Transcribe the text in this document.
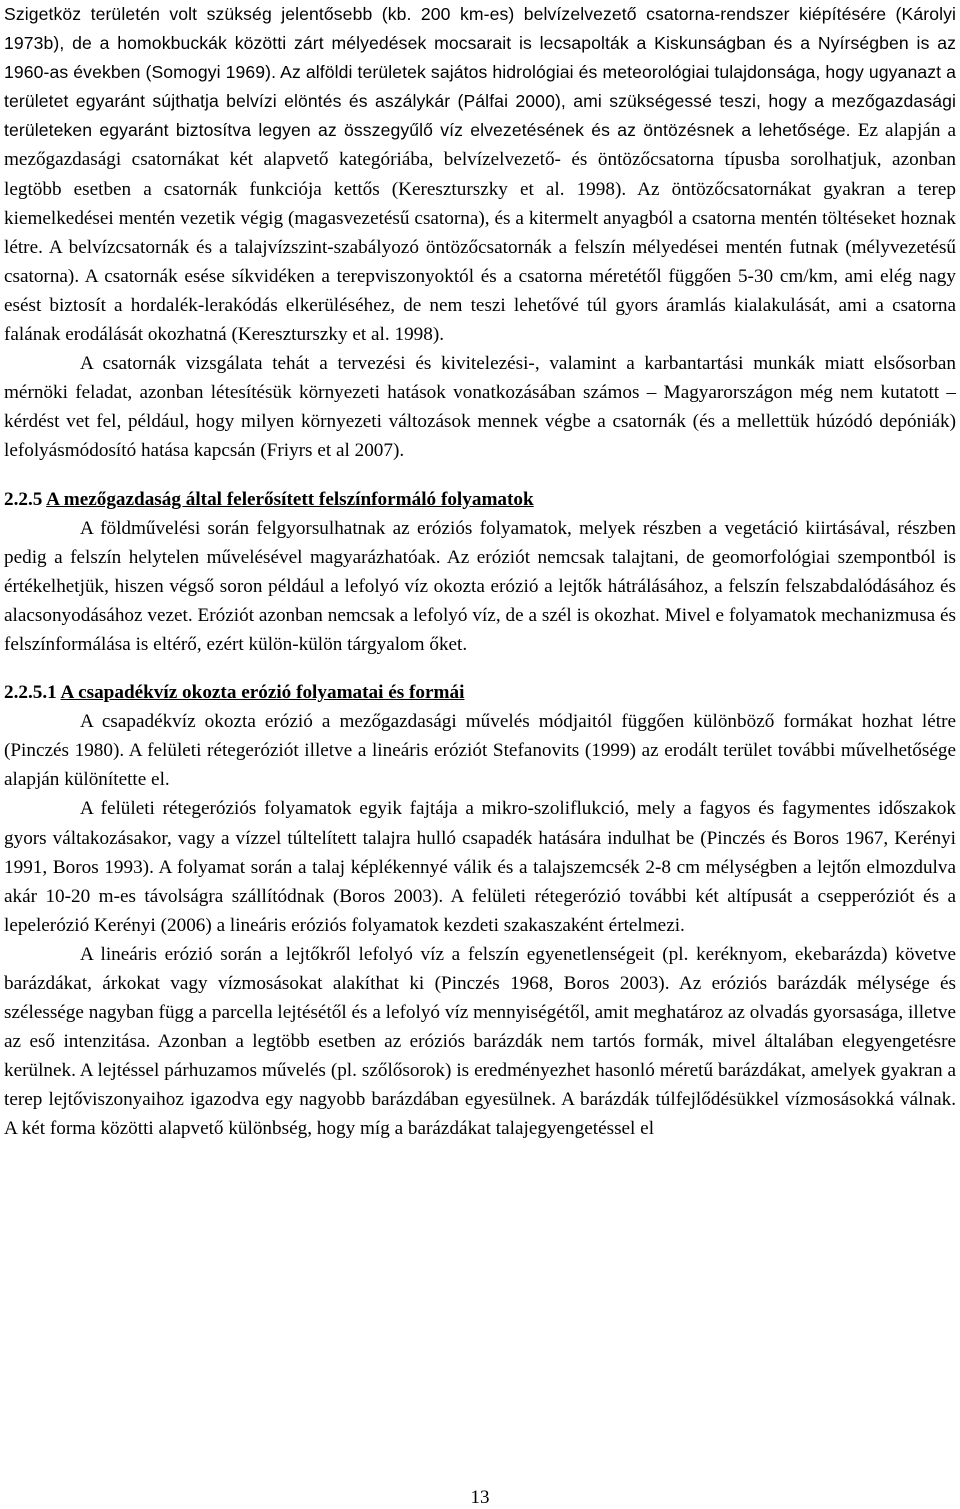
Szigetköz területén volt szükség jelentősebb (kb. 200 km-es) belvízelvezető csatorna-rendszer kiépítésére (Károlyi 1973b), de a homokbuckák közötti zárt mélyedések mocsarait is lecsapolták a Kiskunságban és a Nyírségben is az 1960-as években (Somogyi 1969). Az alföldi területek sajátos hidrológiai és meteorológiai tulajdonsága, hogy ugyanazt a területet egyaránt sújthatja belvízi elöntés és aszálykár (Pálfai 2000), ami szükségessé teszi, hogy a mezőgazdasági területeken egyaránt biztosítva legyen az összegyűlő víz elvezetésének és az öntözésnek a lehetősége. Ez alapján a mezőgazdasági csatornákat két alapvető kategóriába, belvízelvezető- és öntözőcsatorna típusba sorolhatjuk, azonban legtöbb esetben a csatornák funkciója kettős (Kereszturszky et al. 1998). Az öntözőcsatornákat gyakran a terep kiemelkedései mentén vezetik végig (magasvezetésű csatorna), és a kitermelt anyagból a csatorna mentén töltéseket hoznak létre. A belvízcsatornák és a talajvízszint-szabályozó öntözőcsatornák a felszín mélyedései mentén futnak (mélyvezetésű csatorna). A csatornák esése síkvidéken a terepviszonyoktól és a csatorna méretétől függően 5-30 cm/km, ami elég nagy esést biztosít a hordalék-lerakódás elkerüléséhez, de nem teszi lehetővé túl gyors áramlás kialakulását, ami a csatorna falának erodálását okozhatná (Kereszturszky et al. 1998).

A csatornák vizsgálata tehát a tervezési és kivitelezési-, valamint a karbantartási munkák miatt elsősorban mérnöki feladat, azonban létesítésük környezeti hatások vonatkozásában számos – Magyarországon még nem kutatott – kérdést vet fel, például, hogy milyen környezeti változások mennek végbe a csatornák (és a mellettük húzódó depóniák) lefolyásmódosító hatása kapcsán (Friyrs et al 2007).

2.2.5 A mezőgazdaság által felerősített felszínformáló folyamatok

A földművelési során felgyorsulhatnak az eróziós folyamatok, melyek részben a vegetáció kiirtásával, részben pedig a felszín helytelen művelésével magyarázhatóak. Az eróziót nemcsak talajtani, de geomorfológiai szempontból is értékelhetjük, hiszen végső soron például a lefolyó víz okozta erózió a lejtők hátrálásához, a felszín felszabdalódásához és alacsonyodásához vezet. Eróziót azonban nemcsak a lefolyó víz, de a szél is okozhat. Mivel e folyamatok mechanizmusa és felszínformálása is eltérő, ezért külön-külön tárgyalom őket.

2.2.5.1 A csapadékvíz okozta erózió folyamatai és formái

A csapadékvíz okozta erózió a mezőgazdasági művelés módjaitól függően különböző formákat hozhat létre (Pinczés 1980). A felületi rétegeróziót illetve a lineáris eróziót Stefanovits (1999) az erodált terület további művelhetősége alapján különítette el.

A felületi rétegeróziós folyamatok egyik fajtája a mikro-szoliflukció, mely a fagyos és fagymentes időszakok gyors váltakozásakor, vagy a vízzel túltelített talajra hulló csapadék hatására indulhat be (Pinczés és Boros 1967, Kerényi 1991, Boros 1993). A folyamat során a talaj képlékennyé válik és a talajszemcsék 2-8 cm mélységben a lejtőn elmozdulva akár 10-20 m-es távolságra szállítódnak (Boros 2003). A felületi rétegerózió további két altípusát a csepperóziót és a lepelerózió Kerényi (2006) a lineáris eróziós folyamatok kezdeti szakaszaként értelmezi.

A lineáris erózió során a lejtőkről lefolyó víz a felszín egyenetlenségeit (pl. keréknyom, ekebarázda) követve barázdákat, árkokat vagy vízmosásokat alakíthat ki (Pinczés 1968, Boros 2003). Az eróziós barázdák mélysége és szélessége nagyban függ a parcella lejtésétől és a lefolyó víz mennyiségétől, amit meghatároz az olvadás gyorsasága, illetve az eső intenzitása. Azonban a legtöbb esetben az eróziós barázdák nem tartós formák, mivel általában elegyengetésre kerülnek. A lejtéssel párhuzamos művelés (pl. szőlősorok) is eredményezhet hasonló méretű barázdákat, amelyek gyakran a terep lejtőviszonyaihoz igazodva egy nagyobb barázdában egyesülnek. A barázdák túlfejlődésükkel vízmosásokká válnak. A két forma közötti alapvető különbség, hogy míg a barázdákat talajegyengetéssel el

13
